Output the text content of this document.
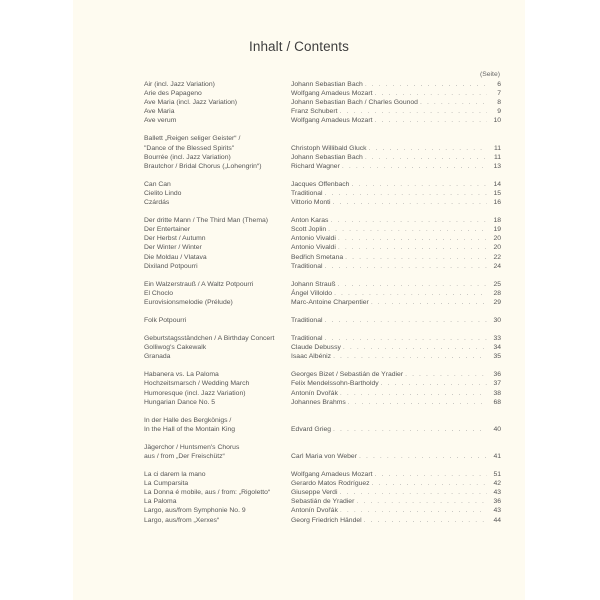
Inhalt / Contents
(Seite)
Air (incl. Jazz Variation)	Johann Sebastian Bach . . .	6
Arie des Papageno	Wolfgang Amadeus Mozart . . .	7
Ave Maria (incl. Jazz Variation)	Johann Sebastian Bach / Charles Gounod . . .	8
Ave Maria	Franz Schubert . . .	9
Ave verum	Wolfgang Amadeus Mozart . . .	10
Ballett „Reigen seliger Geister“ /
"Dance of the Blessed Spirits"	Christoph Willibald Gluck . . .	11
Bourrée (incl. Jazz Variation)	Johann Sebastian Bach . . .	11
Brautchor / Bridal Chorus („Lohengrin“)	Richard Wagner . . .	13
Can Can	Jacques Offenbach . . .	14
Cielito Lindo	Traditional . . .	15
Czárdás	Vittorio Monti . . .	16
Der dritte Mann / The Third Man (Thema)	Anton Karas . . .	18
Der Entertainer	Scott Joplin . . .	19
Der Herbst / Autumn	Antonio Vivaldi . . .	20
Der Winter / Winter	Antonio Vivaldi . . .	20
Die Moldau / Vlatava	Bedřich Smetana . . .	22
Dixiland Potpourri	Traditional . . .	24
Ein Walzerstrauß / A Waltz Potpourri	Johann Strauß . . .	25
El Choclo	Ángel Villoldo . . .	28
Eurovisionsmelodie (Prélude)	Marc-Antoine Charpentier . . .	29
Folk Potpourri	Traditional . . .	30
Geburtstagsständchen / A Birthday Concert	Traditional . . .	33
Golliwog's Cakewalk	Claude Debussy . . .	34
Granada	Isaac Albéniz . . .	35
Habanera vs. La Paloma	Georges Bizet / Sebastián de Yradier . . .	36
Hochzeitsmarsch / Wedding March	Felix Mendelssohn-Bartholdy . . .	37
Humoresque (incl. Jazz Variation)	Antonín Dvořák . . .	38
Hungarian Dance No. 5	Johannes Brahms . . .	68
In der Halle des Bergkönigs /
In the Hall of the Montain King	Edvard Grieg . . .	40
Jägerchor / Huntsmen's Chorus
aus / from „Der Freischütz“	Carl Maria von Weber . . .	41
La ci darem la mano	Wolfgang Amadeus Mozart . . .	51
La Cumparsita	Gerardo Matos Rodríguez . . .	42
La Donna é mobile, aus / from: „Rigoletto“	Giuseppe Verdi . . .	43
La Paloma	Sebastián de Yradier . . .	36
Largo, aus/from Symphonie No. 9	Antonín Dvořák . . .	43
Largo, aus/from „Xerxes“	Georg Friedrich Händel . . .	44
